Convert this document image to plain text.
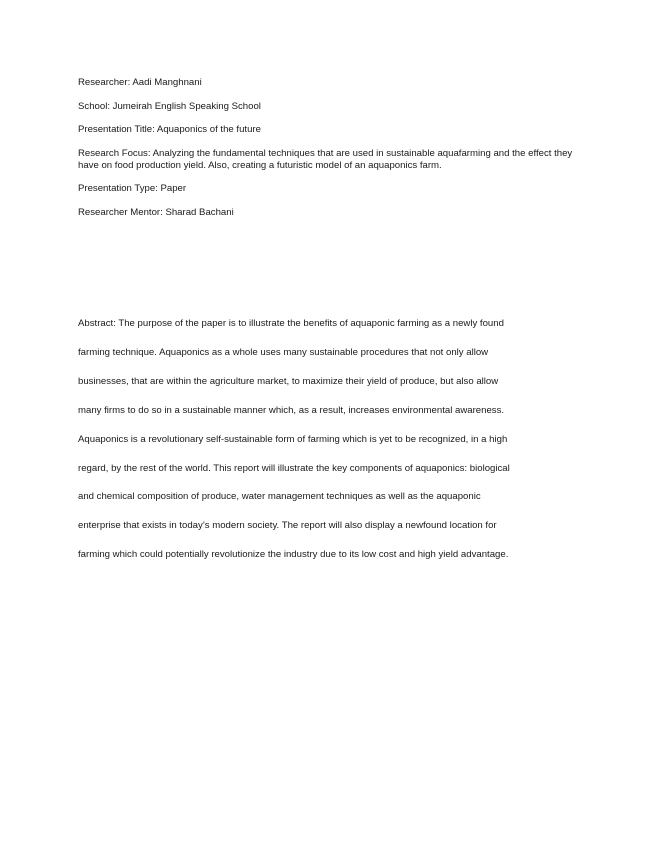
Researcher: Aadi Manghnani

School: Jumeirah English Speaking School

Presentation Title: Aquaponics of the future

Research Focus: Analyzing the fundamental techniques that are used in sustainable aquafarming and the effect they have on food production yield. Also, creating a futuristic model of an aquaponics farm.

Presentation Type: Paper

Researcher Mentor: Sharad Bachani

Abstract: The purpose of the paper is to illustrate the benefits of aquaponic farming as a newly found
farming technique. Aquaponics as a whole uses many sustainable procedures that not only allow
businesses, that are within the agriculture market, to maximize their yield of produce, but also allow
many firms to do so in a sustainable manner which, as a result, increases environmental awareness.
Aquaponics is a revolutionary self-sustainable form of farming which is yet to be recognized, in a high
regard, by the rest of the world. This report will illustrate the key components of aquaponics: biological
and chemical composition of produce, water management techniques as well as the aquaponic
enterprise that exists in today’s modern society. The report will also display a newfound location for
farming which could potentially revolutionize the industry due to its low cost and high yield advantage.
